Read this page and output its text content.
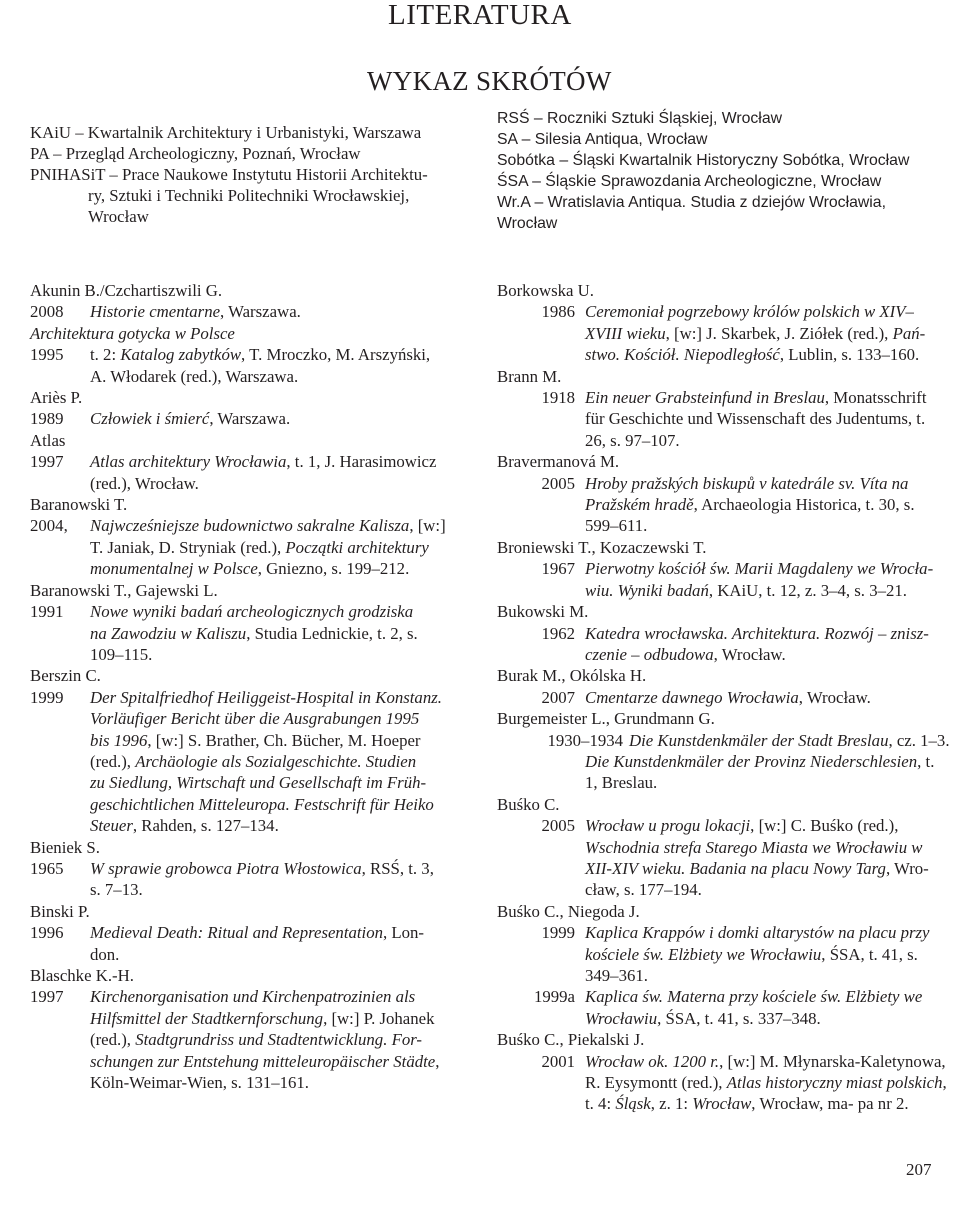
LITERATURA
WYKAZ SKRÓTÓW
KAiU – Kwartalnik Architektury i Urbanistyki, Warszawa
PA – Przegląd Archeologiczny, Poznań, Wrocław
PNIHASiT – Prace Naukowe Instytutu Historii Architektu-
ry, Sztuki i Techniki Politechniki Wrocławskiej,
Wrocław
RSŚ – Roczniki Sztuki Śląskiej, Wrocław
SA – Silesia Antiqua, Wrocław
Sobótka – Śląski Kwartalnik Historyczny Sobótka, Wrocław
ŚSA – Śląskie Sprawozdania Archeologiczne, Wrocław
Wr.A – Wratislavia Antiqua. Studia z dziejów Wrocławia,
Wrocław
Akunin B./Czchartiszwili G.
2008	Historie cmentarne, Warszawa.
Architektura gotycka w Polsce
1995	t. 2: Katalog zabytków, T. Mroczko, M. Arszyński,
A. Włodarek (red.), Warszawa.
Ariès P.
1989	Człowiek i śmierć, Warszawa.
Atlas
1997	Atlas architektury Wrocławia, t. 1, J. Harasimowicz
(red.), Wrocław.
Baranowski T.
2004,	Najwcześniejsze budownictwo sakralne Kalisza, [w:]
T. Janiak, D. Stryniak (red.), Początki architektury
monumentalnej w Polsce, Gniezno, s. 199–212.
Baranowski T., Gajewski L.
1991	Nowe wyniki badań archeologicznych grodziska
na Zawodziu w Kaliszu, Studia Lednickie, t. 2, s.
109–115.
Berszin C.
1999	Der Spitalfriedhof Heiliggeist-Hospital in Konstanz.
Vorläufiger Bericht über die Ausgrabungen 1995
bis 1996, [w:] S. Brather, Ch. Bücher, M. Hoeper
(red.), Archäologie als Sozialgeschichte. Studien
zu Siedlung, Wirtschaft und Gesellschaft im Früh-
geschichtlichen Mitteleuropa. Festschrift für Heiko
Steuer, Rahden, s. 127–134.
Bieniek S.
1965	W sprawie grobowca Piotra Włostowica, RSŚ, t. 3,
s. 7–13.
Binski P.
1996	Medieval Death: Ritual and Representation, Lon-
don.
Blaschke K.-H.
1997	Kirchenorganisation und Kirchenpatrozinien als
Hilfsmittel der Stadtkernforschung, [w:] P. Johanek
(red.), Stadtgrundriss und Stadtentwicklung. For-
schungen zur Entstehung mitteleuropäischer Städte,
Köln-Weimar-Wien, s. 131–161.
Borkowska U.
1986 Ceremoniał pogrzebowy królów polskich w XIV–
XVIII wieku, [w:] J. Skarbek, J. Ziółek (red.), Pań-
stwo. Kościół. Niepodległość, Lublin, s. 133–160.
Brann M.
1918 Ein neuer Grabsteinfund in Breslau, Monatsschrift
für Geschichte und Wissenschaft des Judentums, t.
26, s. 97–107.
Bravermanová M.
2005 Hroby pražských biskupů v katedrále sv. Víta na
Pražském hradě, Archaeologia Historica, t. 30, s.
599–611.
Broniewski T., Kozaczewski T.
1967 Pierwotny kościół św. Marii Magdaleny we Wrocła-
wiu. Wyniki badań, KAiU, t. 12, z. 3–4, s. 3–21.
Bukowski M.
1962 Katedra wrocławska. Architektura. Rozwój – znisz-
czenie – odbudowa, Wrocław.
Burak M., Okólska H.
2007 Cmentarze dawnego Wrocławia, Wrocław.
Burgemeister L., Grundmann G.
1930–1934 Die Kunstdenkmäler der Stadt Breslau, cz. 1–3.
Die Kunstdenkmäler der Provinz Niederschlesien, t.
1, Breslau.
Buśko C.
2005 Wrocław u progu lokacji, [w:] C. Buśko (red.),
Wschodnia strefa Starego Miasta we Wrocławiu w
XII-XIV wieku. Badania na placu Nowy Targ, Wro-
cław, s. 177–194.
Buśko C., Niegoda J.
1999 Kaplica Krappów i domki altarystów na placu przy
kościele św. Elżbiety we Wrocławiu, ŚSA, t. 41, s.
349–361.
1999a Kaplica św. Materna przy kościele św. Elżbiety we
Wrocławiu, ŚSA, t. 41, s. 337–348.
Buśko C., Piekalski J.
2001 Wrocław ok. 1200 r., [w:] M. Młynarska-Kaletynowa,
R. Eysymontt (red.), Atlas historyczny miast polskich,
t. 4: Śląsk, z. 1: Wrocław, Wrocław, ma- pa nr 2.
207
